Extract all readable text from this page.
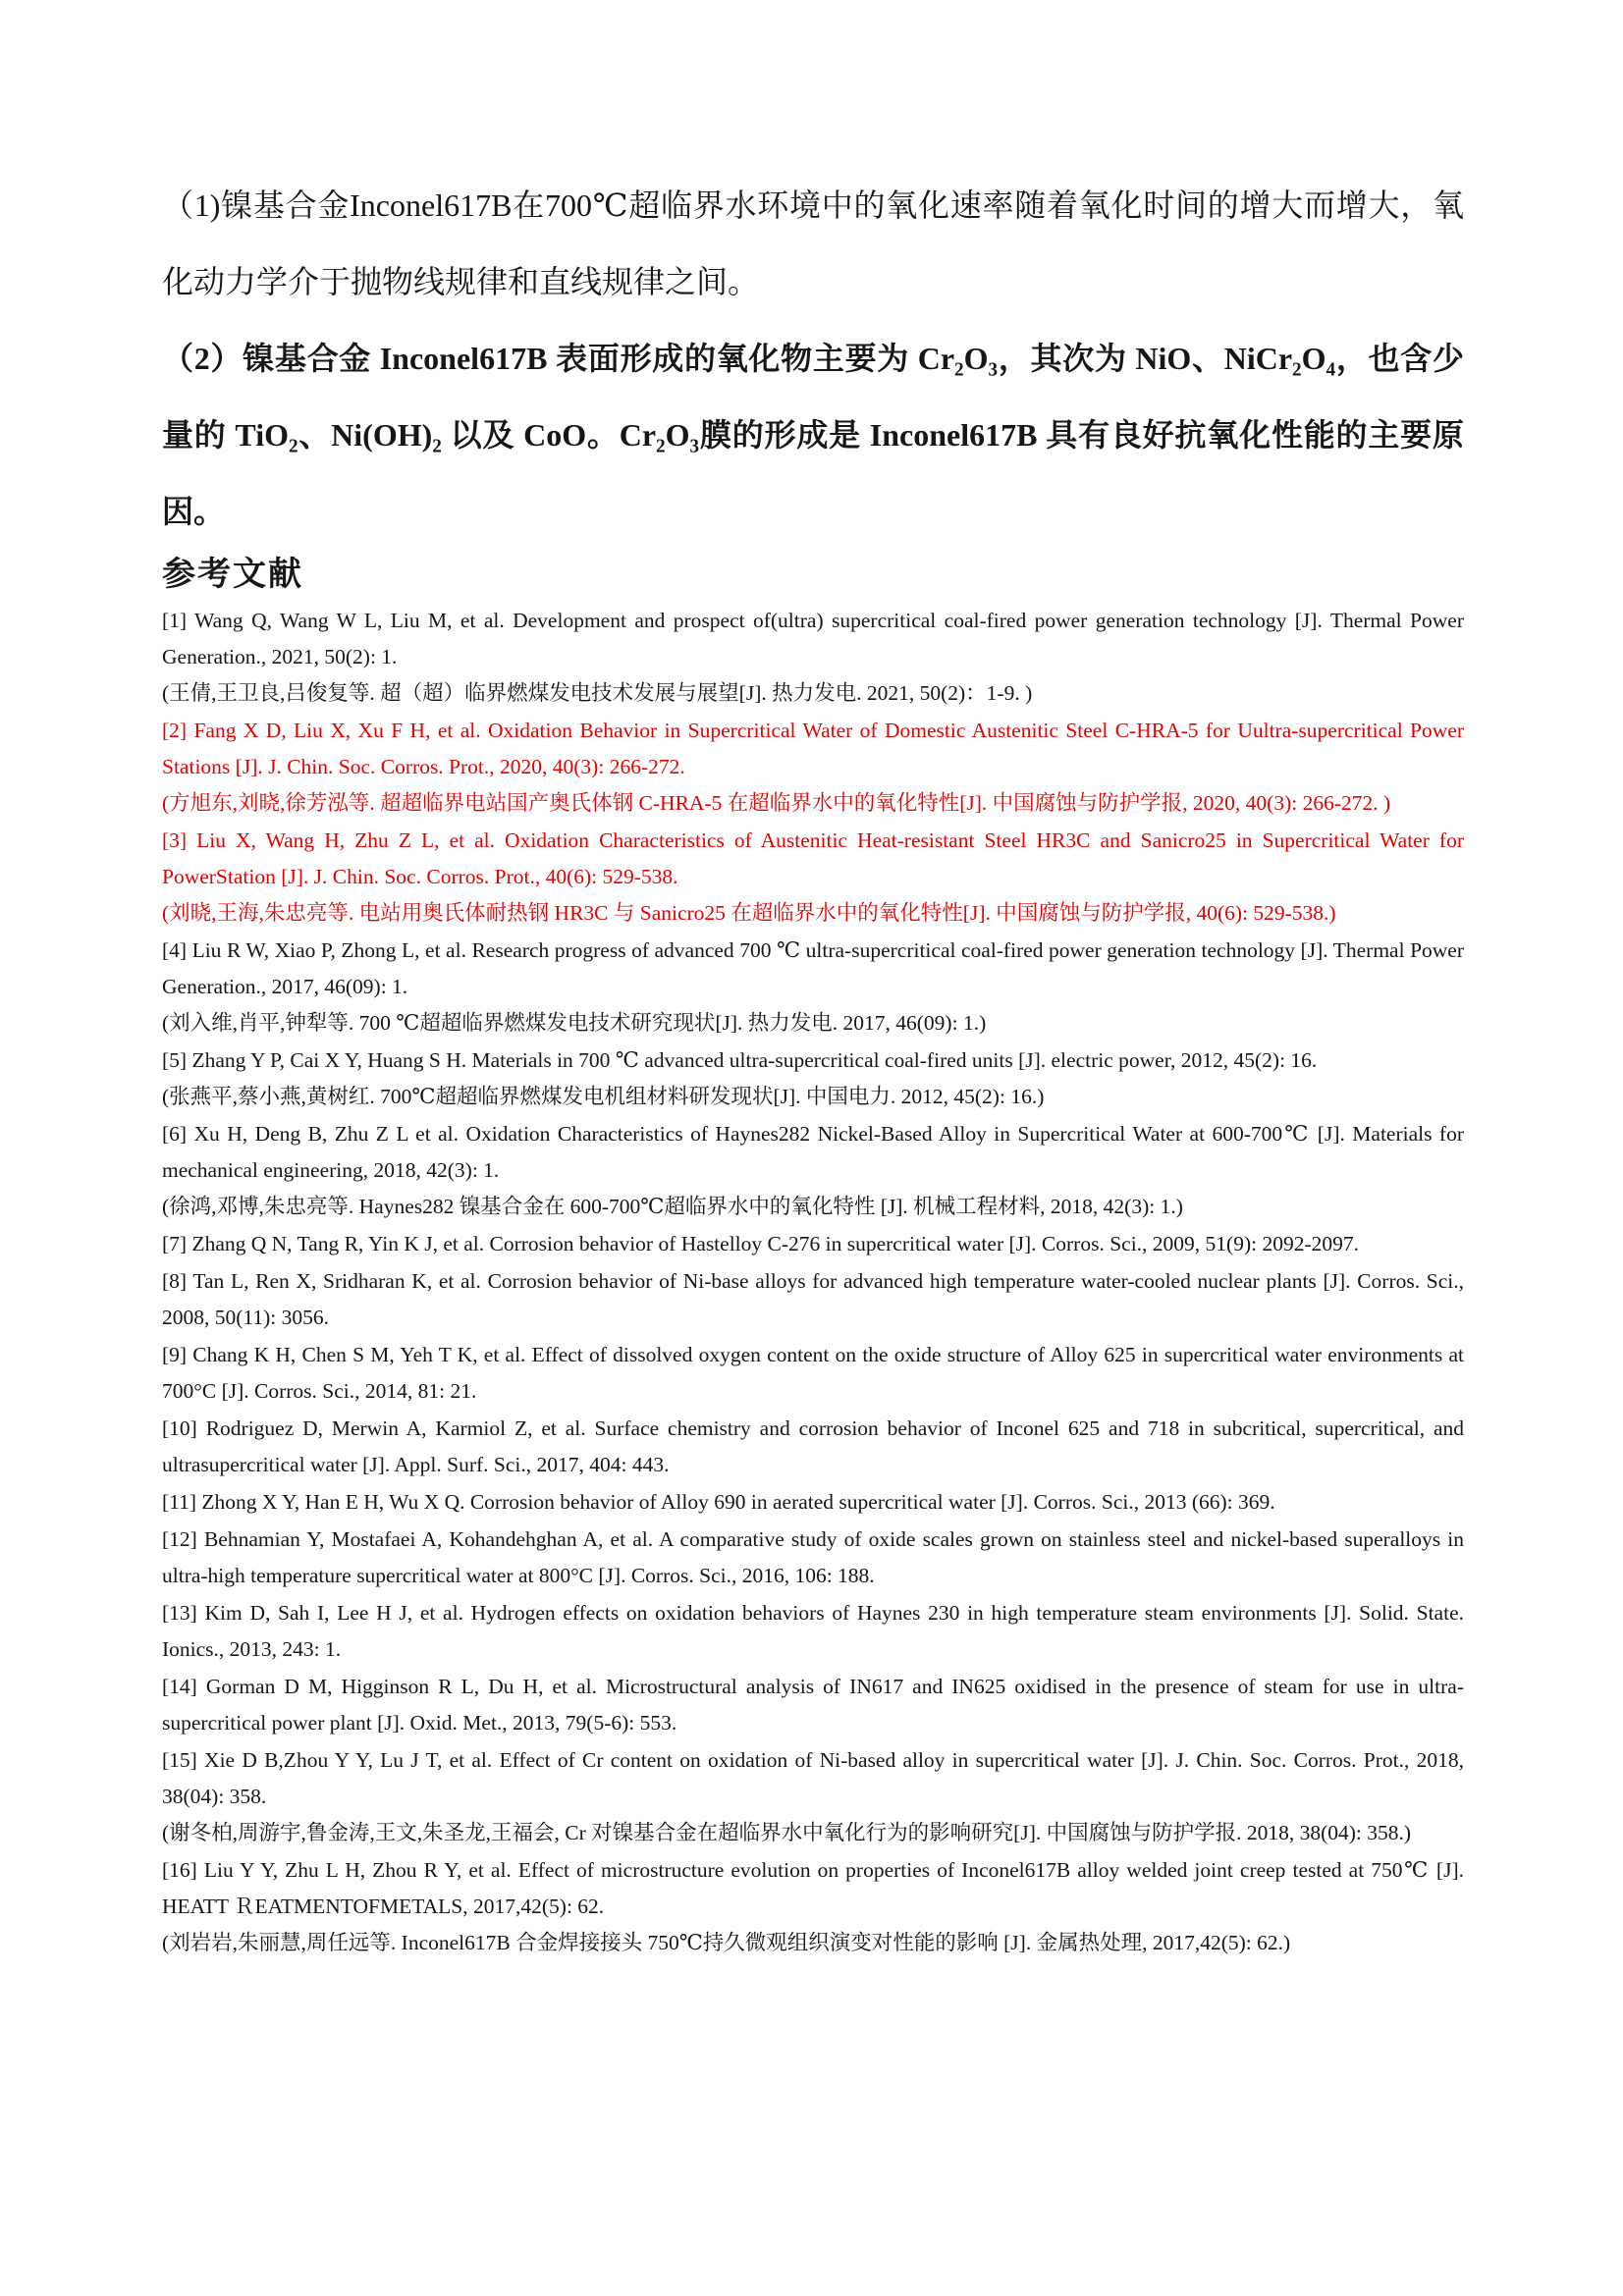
（1)镍基合金Inconel617B在700℃超临界水环境中的氧化速率随着氧化时间的增大而增大，氧化动力学介于抛物线规律和直线规律之间。

（2）镍基合金 Inconel617B 表面形成的氧化物主要为 Cr₂O₃，其次为 NiO、NiCr₂O₄，也含少量的 TiO₂、Ni(OH)₂ 以及 CoO。Cr₂O₃膜的形成是 Inconel617B 具有良好抗氧化性能的主要原因。

参考文献

[1] Wang Q, Wang W L, Liu M, et al. Development and prospect of(ultra) supercritical coal-fired power generation technology [J]. Thermal Power Generation., 2021, 50(2): 1.

(王倩,王卫良,吕俊复等. 超（超）临界燃煤发电技术发展与展望[J]. 热力发电. 2021, 50(2)：1-9. )

[2] Fang X D, Liu X, Xu F H, et al. Oxidation Behavior in Supercritical Water of Domestic Austenitic Steel C-HRA-5 for Uultra-supercritical Power Stations [J]. J. Chin. Soc. Corros. Prot., 2020, 40(3): 266-272.

(方旭东,刘晓,徐芳泓等. 超超临界电站国产奥氏体钢 C-HRA-5 在超临界水中的氧化特性[J]. 中国腐蚀与防护学报, 2020, 40(3): 266-272. )

[3] Liu X, Wang H, Zhu Z L, et al. Oxidation Characteristics of Austenitic Heat-resistant Steel HR3C and Sanicro25 in Supercritical Water for PowerStation [J]. J. Chin. Soc. Corros. Prot., 40(6): 529-538.

(刘晓,王海,朱忠亮等. 电站用奥氏体耐热钢 HR3C 与 Sanicro25 在超临界水中的氧化特性[J]. 中国腐蚀与防护学报, 40(6): 529-538.)

[4] Liu R W, Xiao P, Zhong L, et al. Research progress of advanced 700 ℃ ultra-supercritical coal-fired power generation technology [J]. Thermal Power Generation., 2017, 46(09): 1.

(刘入维,肖平,钟犁等. 700 ℃超超临界燃煤发电技术研究现状[J]. 热力发电. 2017, 46(09): 1.)

[5] Zhang Y P, Cai X Y, Huang S H. Materials in 700 ℃ advanced ultra-supercritical coal-fired units [J]. electric power, 2012, 45(2): 16.

(张燕平,蔡小燕,黄树红. 700℃超超临界燃煤发电机组材料研发现状[J]. 中国电力. 2012, 45(2): 16.)

[6] Xu H, Deng B, Zhu Z L et al. Oxidation Characteristics of Haynes282 Nickel-Based Alloy in Supercritical Water at 600-700℃ [J]. Materials for mechanical engineering, 2018, 42(3): 1.

(徐鸿,邓博,朱忠亮等. Haynes282 镍基合金在 600-700℃超临界水中的氧化特性 [J]. 机械工程材料, 2018, 42(3): 1.)

[7] Zhang Q N, Tang R, Yin K J, et al. Corrosion behavior of Hastelloy C-276 in supercritical water [J]. Corros. Sci., 2009, 51(9): 2092-2097.

[8] Tan L, Ren X, Sridharan K, et al. Corrosion behavior of Ni-base alloys for advanced high temperature water-cooled nuclear plants [J]. Corros. Sci., 2008, 50(11): 3056.

[9] Chang K H, Chen S M, Yeh T K, et al. Effect of dissolved oxygen content on the oxide structure of Alloy 625 in supercritical water environments at 700°C [J]. Corros. Sci., 2014, 81: 21.

[10] Rodriguez D, Merwin A, Karmiol Z, et al. Surface chemistry and corrosion behavior of Inconel 625 and 718 in subcritical, supercritical, and ultrasupercritical water [J]. Appl. Surf. Sci., 2017, 404: 443.

[11] Zhong X Y, Han E H, Wu X Q. Corrosion behavior of Alloy 690 in aerated supercritical water [J]. Corros. Sci., 2013 (66): 369.

[12] Behnamian Y, Mostafaei A, Kohandehghan A, et al. A comparative study of oxide scales grown on stainless steel and nickel-based superalloys in ultra-high temperature supercritical water at 800°C [J]. Corros. Sci., 2016, 106: 188.

[13] Kim D, Sah I, Lee H J, et al. Hydrogen effects on oxidation behaviors of Haynes 230 in high temperature steam environments [J]. Solid. State. Ionics., 2013, 243: 1.

[14] Gorman D M, Higginson R L, Du H, et al. Microstructural analysis of IN617 and IN625 oxidised in the presence of steam for use in ultra-supercritical power plant [J]. Oxid. Met., 2013, 79(5-6): 553.

[15] Xie D B,Zhou Y Y, Lu J T, et al. Effect of Cr content on oxidation of Ni-based alloy in supercritical water [J]. J. Chin. Soc. Corros. Prot., 2018, 38(04): 358.

(谢冬柏,周游宇,鲁金涛,王文,朱圣龙,王福会, Cr 对镍基合金在超临界水中氧化行为的影响研究[J]. 中国腐蚀与防护学报. 2018, 38(04): 358.)

[16] Liu Y Y, Zhu L H, Zhou R Y, et al. Effect of microstructure evolution on properties of Inconel617B alloy welded joint creep tested at 750℃ [J]. HEATT ＲEATMENTOFMETALS, 2017,42(5): 62.

(刘岩岩,朱丽慧,周任远等. Inconel617B 合金焊接接头 750℃持久微观组织演变对性能的影响 [J]. 金属热处理, 2017,42(5): 62.)
